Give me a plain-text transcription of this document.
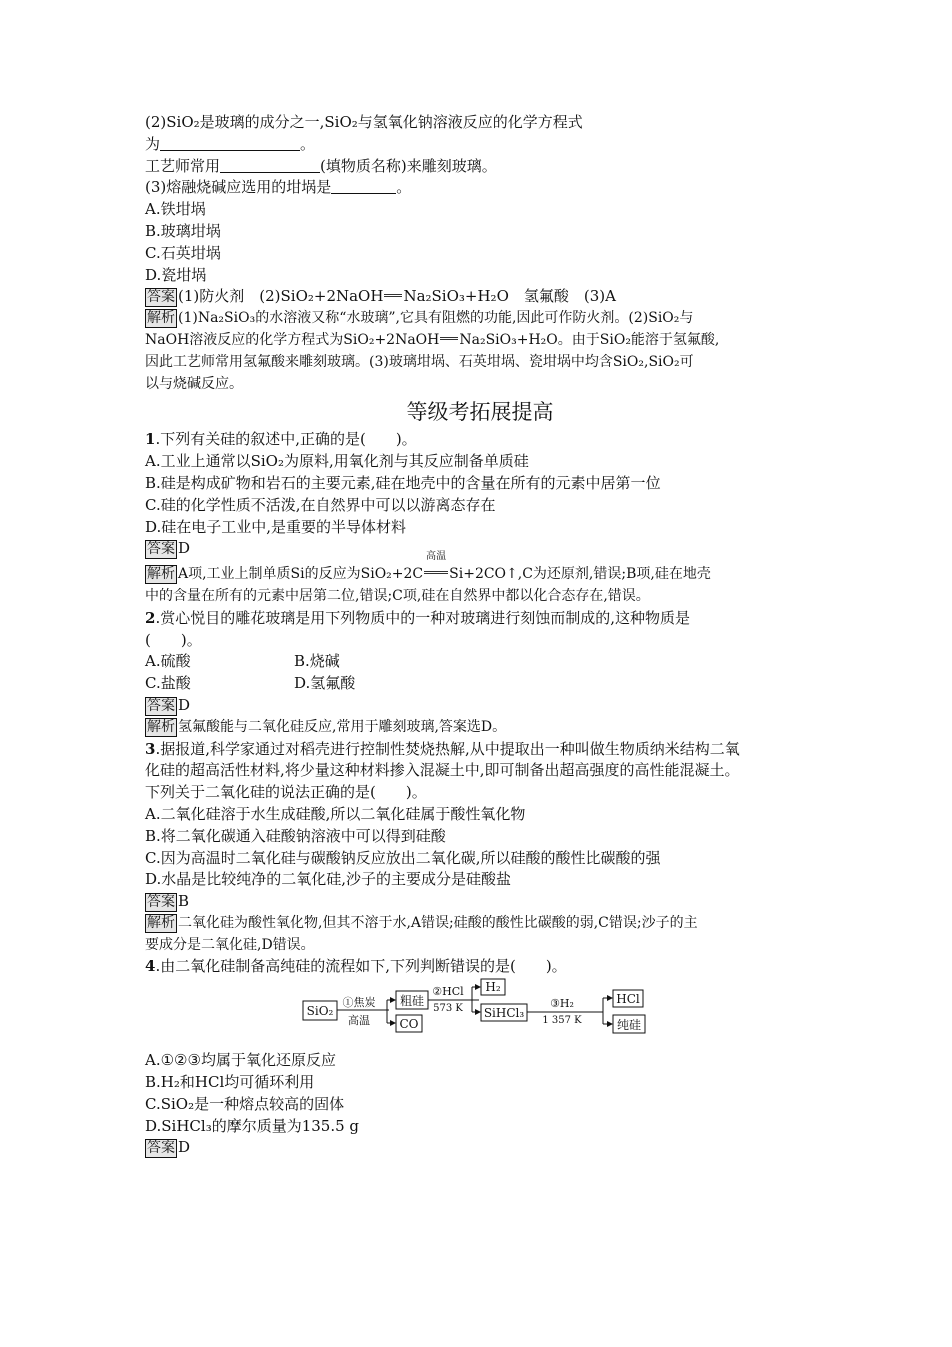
(2)SiO₂是玻璃的成分之一,SiO₂与氢氧化钠溶液反应的化学方程式
为	。
工艺师常用	(填物质名称)来雕刻玻璃。
(3)熔融烧碱应选用的坩埚是	。
A.铁坩埚
B.玻璃坩埚
C.石英坩埚
D.瓷坩埚
答案 (1)防火剂　(2)SiO₂+2NaOH Na₂SiO₃+H₂O　氢氟酸　(3)A
解析 (1)Na₂SiO₃的水溶液又称“水玻璃”,它具有阻燃的功能,因此可作防火剂。(2)SiO₂与
NaOH溶液反应的化学方程式为SiO₂+2NaOH Na₂SiO₃+H₂O。由于SiO₂能溶于氢氟酸,
因此工艺师常用氢氟酸来雕刻玻璃。(3)玻璃坩埚、石英坩埚、瓷坩埚中均含SiO₂,SiO₂可
以与烧碱反应。
等级考拓展提高
1.下列有关硅的叙述中,正确的是(　　)。
A.工业上通常以SiO₂为原料,用氧化剂与其反应制备单质硅
B.硅是构成矿物和岩石的主要元素,硅在地壳中的含量在所有的元素中居第一位
C.硅的化学性质不活泼,在自然界中可以以游离态存在
D.硅在电子工业中,是重要的半导体材料
答案 D
解析 A项,工业上制单质Si的反应为SiO₂+2C
高温
Si+2CO↑,C为还原剂,错误;B项,硅在地壳
中的含量在所有的元素中居第二位,错误;C项,硅在自然界中都以化合态存在,错误。
2.赏心悦目的雕花玻璃是用下列物质中的一种对玻璃进行刻蚀而制成的,这种物质是
(　　)。
A.硫酸	B.烧碱
C.盐酸	D.氢氟酸
答案 D
解析 氢氟酸能与二氧化硅反应,常用于雕刻玻璃,答案选D。
3.据报道,科学家通过对稻壳进行控制性焚烧热解,从中提取出一种叫做生物质纳米结构二氧
化硅的超高活性材料,将少量这种材料掺入混凝土中,即可制备出超高强度的高性能混凝土。
下列关于二氧化硅的说法正确的是(　　)。
A.二氧化硅溶于水生成硅酸,所以二氧化硅属于酸性氧化物
B.将二氧化碳通入硅酸钠溶液中可以得到硅酸
C.因为高温时二氧化硅与碳酸钠反应放出二氧化碳,所以硅酸的酸性比碳酸的强
D.水晶是比较纯净的二氧化硅,沙子的主要成分是硅酸盐
答案 B
解析 二氧化硅为酸性氧化物,但其不溶于水,A错误;硅酸的酸性比碳酸的弱,C错误;沙子的主
要成分是二氧化硅,D错误。
4.由二氧化硅制备高纯硅的流程如下,下列判断错误的是(　　)。
SiO₂
①焦炭
高温
粗硅
CO
②HCl
573 K
H₂
SiHCl₃
③H₂
1 357 K
HCl
纯硅
A.①②③均属于氧化还原反应
B.H₂和HCl均可循环利用
C.SiO₂是一种熔点较高的固体
D.SiHCl₃的摩尔质量为135.5 g
答案 D
